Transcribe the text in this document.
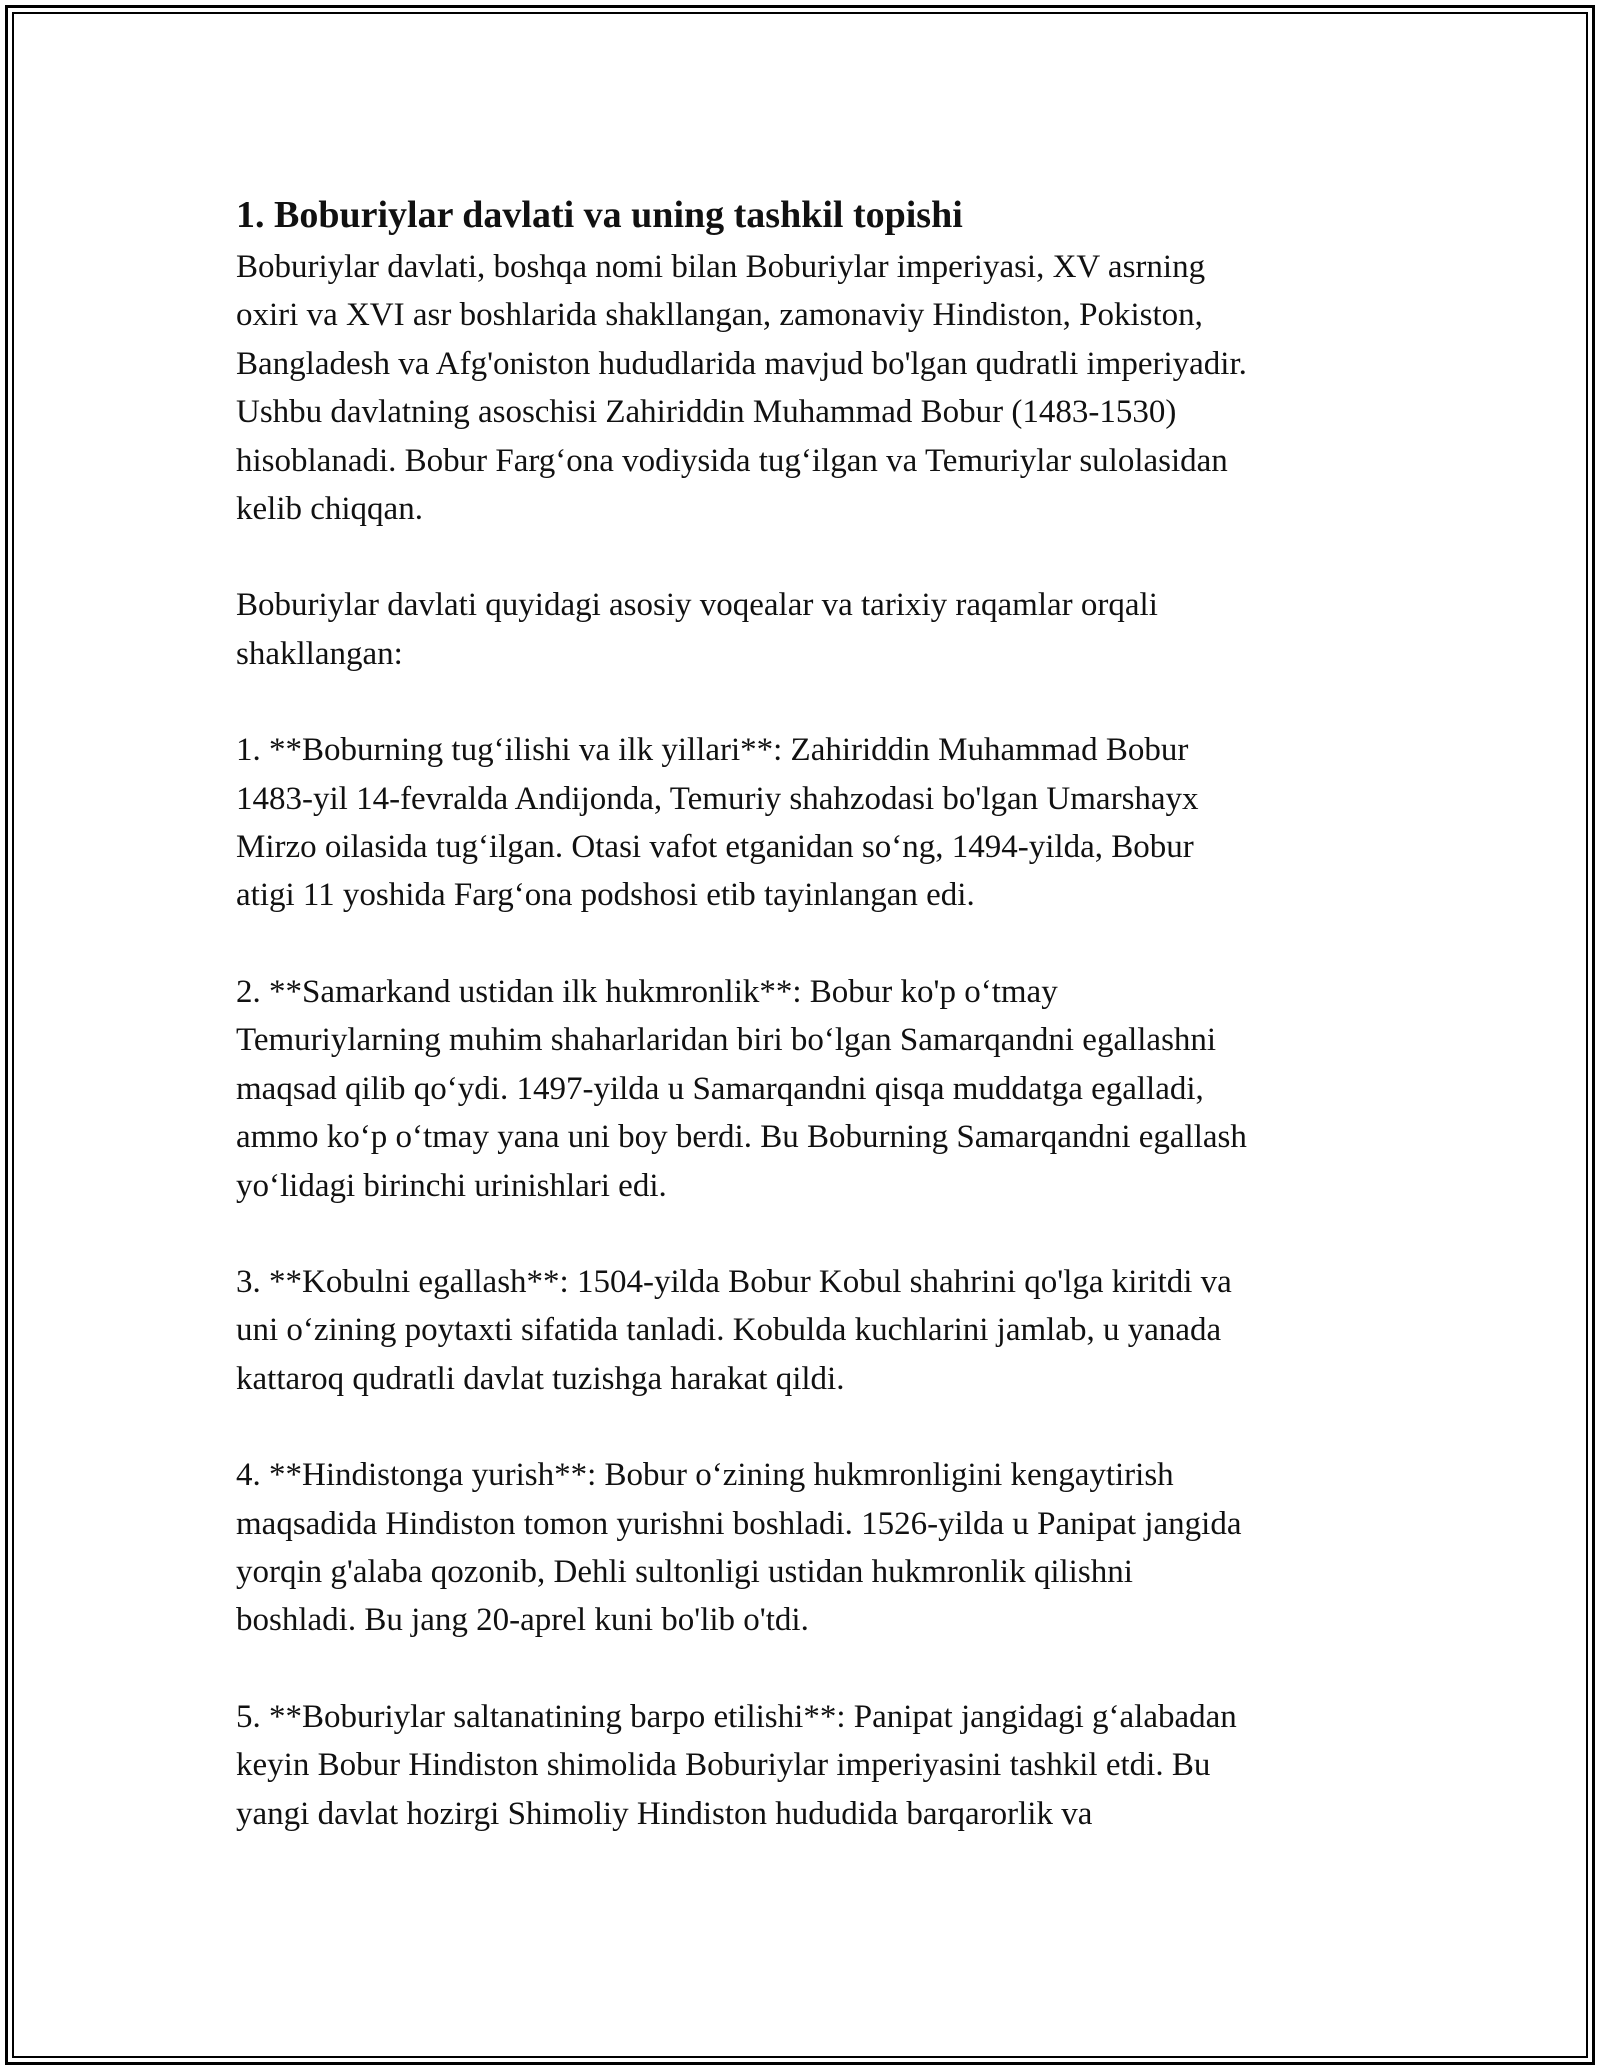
1. Boburiylar davlati va uning tashkil topishi

Boburiylar davlati, boshqa nomi bilan Boburiylar imperiyasi, XV asrning
oxiri va XVI asr boshlarida shakllangan, zamonaviy Hindiston, Pokiston,
Bangladesh va Afg'oniston hududlarida mavjud bo'lgan qudratli imperiyadir.
Ushbu davlatning asoschisi Zahiriddin Muhammad Bobur (1483-1530)
hisoblanadi. Bobur Farg‘ona vodiysida tug‘ilgan va Temuriylar sulolasidan
kelib chiqqan.

Boburiylar davlati quyidagi asosiy voqealar va tarixiy raqamlar orqali
shakllangan:

1. **Boburning tug‘ilishi va ilk yillari**: Zahiriddin Muhammad Bobur
1483-yil 14-fevralda Andijonda, Temuriy shahzodasi bo'lgan Umarshayx
Mirzo oilasida tug‘ilgan. Otasi vafot etganidan so‘ng, 1494-yilda, Bobur
atigi 11 yoshida Farg‘ona podshosi etib tayinlangan edi.

2. **Samarkand ustidan ilk hukmronlik**: Bobur ko'p o‘tmay
Temuriylarning muhim shaharlaridan biri bo‘lgan Samarqandni egallashni
maqsad qilib qo‘ydi. 1497-yilda u Samarqandni qisqa muddatga egalladi,
ammo ko‘p o‘tmay yana uni boy berdi. Bu Boburning Samarqandni egallash
yo‘lidagi birinchi urinishlari edi.

3. **Kobulni egallash**: 1504-yilda Bobur Kobul shahrini qo'lga kiritdi va
uni o‘zining poytaxti sifatida tanladi. Kobulda kuchlarini jamlab, u yanada
kattaroq qudratli davlat tuzishga harakat qildi.

4. **Hindistonga yurish**: Bobur o‘zining hukmronligini kengaytirish
maqsadida Hindiston tomon yurishni boshladi. 1526-yilda u Panipat jangida
yorqin g'alaba qozonib, Dehli sultonligi ustidan hukmronlik qilishni
boshladi. Bu jang 20-aprel kuni bo'lib o'tdi.

5. **Boburiylar saltanatining barpo etilishi**: Panipat jangidagi g‘alabadan
keyin Bobur Hindiston shimolida Boburiylar imperiyasini tashkil etdi. Bu
yangi davlat hozirgi Shimoliy Hindiston hududida barqarorlik va
